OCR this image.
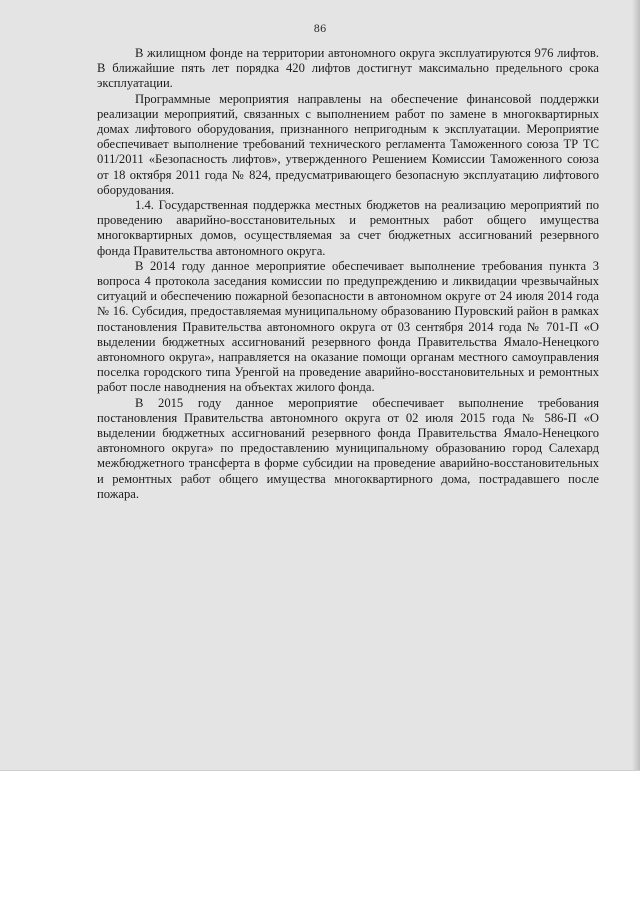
86

В жилищном фонде на территории автономного округа эксплуатируются 976 лифтов. В ближайшие пять лет порядка 420 лифтов достигнут максимально предельного срока эксплуатации.

Программные мероприятия направлены на обеспечение финансовой поддержки реализации мероприятий, связанных с выполнением работ по замене в многоквартирных домах лифтового оборудования, признанного непригодным к эксплуатации. Мероприятие обеспечивает выполнение требований технического регламента Таможенного союза ТР ТС 011/2011 «Безопасность лифтов», утвержденного Решением Комиссии Таможенного союза от 18 октября 2011 года № 824, предусматривающего безопасную эксплуатацию лифтового оборудования.

1.4. Государственная поддержка местных бюджетов на реализацию мероприятий по проведению аварийно-восстановительных и ремонтных работ общего имущества многоквартирных домов, осуществляемая за счет бюджетных ассигнований резервного фонда Правительства автономного округа.

В 2014 году данное мероприятие обеспечивает выполнение требования пункта 3 вопроса 4 протокола заседания комиссии по предупреждению и ликвидации чрезвычайных ситуаций и обеспечению пожарной безопасности в автономном округе от 24 июля 2014 года № 16. Субсидия, предоставляемая муниципальному образованию Пуровский район в рамках постановления Правительства автономного округа от 03 сентября 2014 года № 701-П «О выделении бюджетных ассигнований резервного фонда Правительства Ямало-Ненецкого автономного округа», направляется на оказание помощи органам местного самоуправления поселка городского типа Уренгой на проведение аварийно-восстановительных и ремонтных работ после наводнения на объектах жилого фонда.

В 2015 году данное мероприятие обеспечивает выполнение требования постановления Правительства автономного округа от 02 июля 2015 года № 586-П «О выделении бюджетных ассигнований резервного фонда Правительства Ямало-Ненецкого автономного округа» по предоставлению муниципальному образованию город Салехард межбюджетного трансферта в форме субсидии на проведение аварийно-восстановительных и ремонтных работ общего имущества многоквартирного дома, пострадавшего после пожара.
